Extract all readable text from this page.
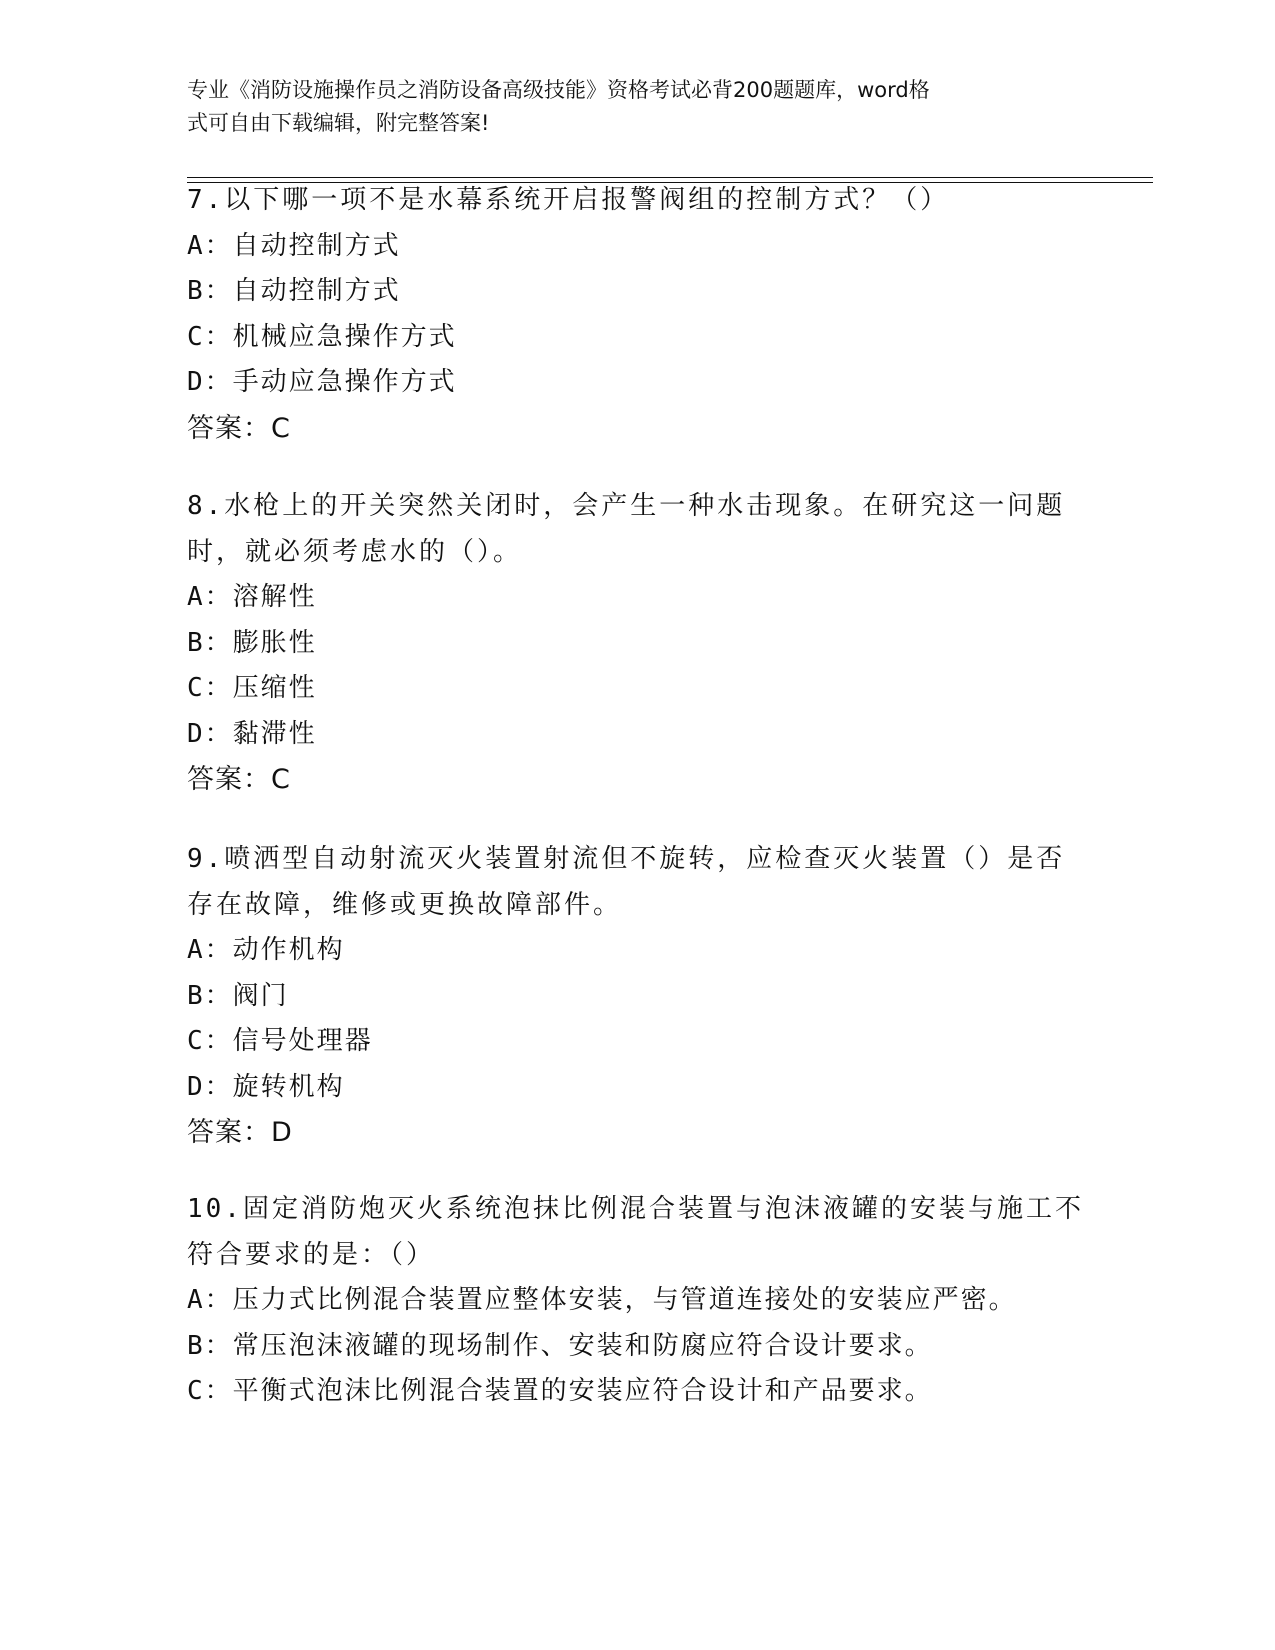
专业《消防设施操作员之消防设备高级技能》资格考试必背200题题库，word格
式可自由下载编辑，附完整答案!
7.以下哪一项不是水幕系统开启报警阀组的控制方式？（）
A：自动控制方式
B：自动控制方式
C：机械应急操作方式
D：手动应急操作方式
答案：C
8.水枪上的开关突然关闭时，会产生一种水击现象。在研究这一问题
时，就必须考虑水的（）。
A：溶解性
B：膨胀性
C：压缩性
D：黏滞性
答案：C
9.喷洒型自动射流灭火装置射流但不旋转，应检查灭火装置（）是否
存在故障，维修或更换故障部件。
A：动作机构
B：阀门
C：信号处理器
D：旋转机构
答案：D
10.固定消防炮灭火系统泡抹比例混合装置与泡沫液罐的安装与施工不
符合要求的是：（）
A：压力式比例混合装置应整体安装，与管道连接处的安装应严密。
B：常压泡沫液罐的现场制作、安装和防腐应符合设计要求。
C：平衡式泡沫比例混合装置的安装应符合设计和产品要求。
